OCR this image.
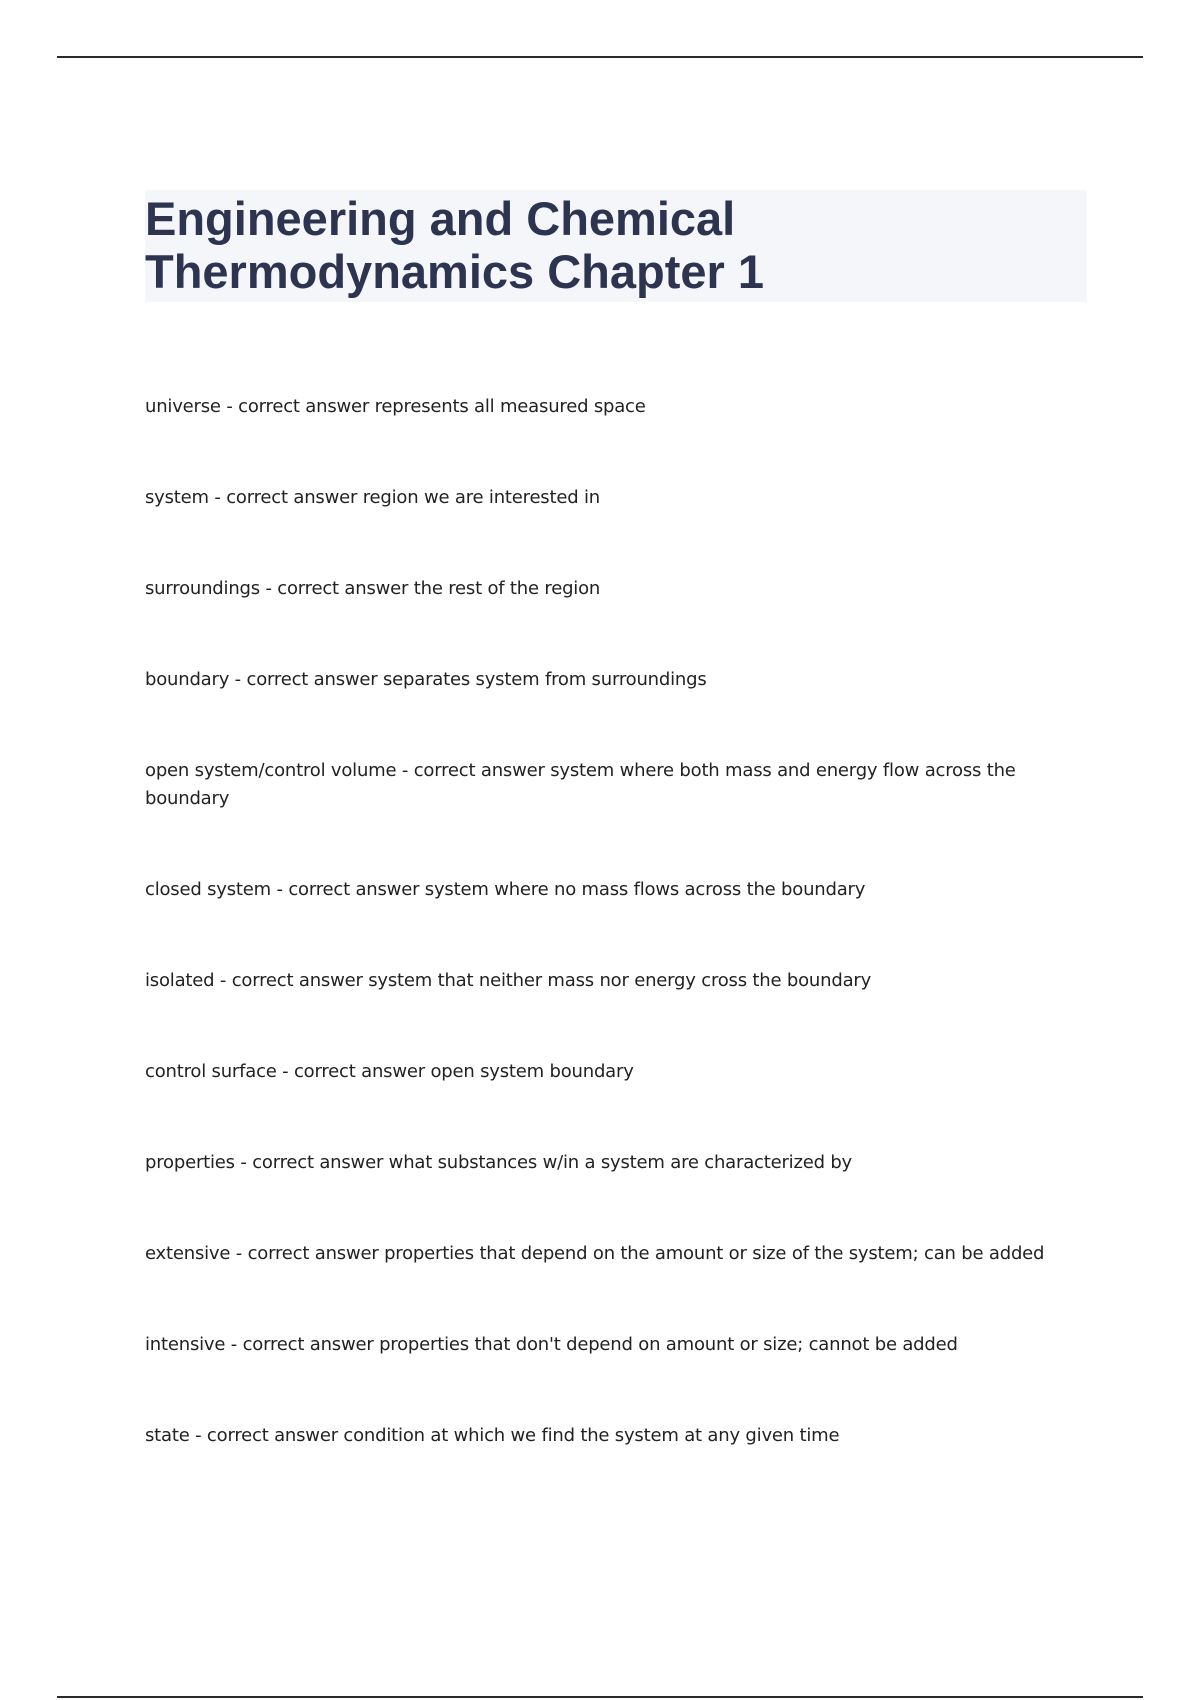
Engineering and Chemical Thermodynamics Chapter 1
universe - correct answer represents all measured space
system - correct answer region we are interested in
surroundings - correct answer the rest of the region
boundary - correct answer separates system from surroundings
open system/control volume - correct answer system where both mass and energy flow across the boundary
closed system - correct answer system where no mass flows across the boundary
isolated - correct answer system that neither mass nor energy cross the boundary
control surface - correct answer open system boundary
properties - correct answer what substances w/in a system are characterized by
extensive - correct answer properties that depend on the amount or size of the system; can be added
intensive - correct answer properties that don't depend on amount or size; cannot be added
state - correct answer condition at which we find the system at any given time
